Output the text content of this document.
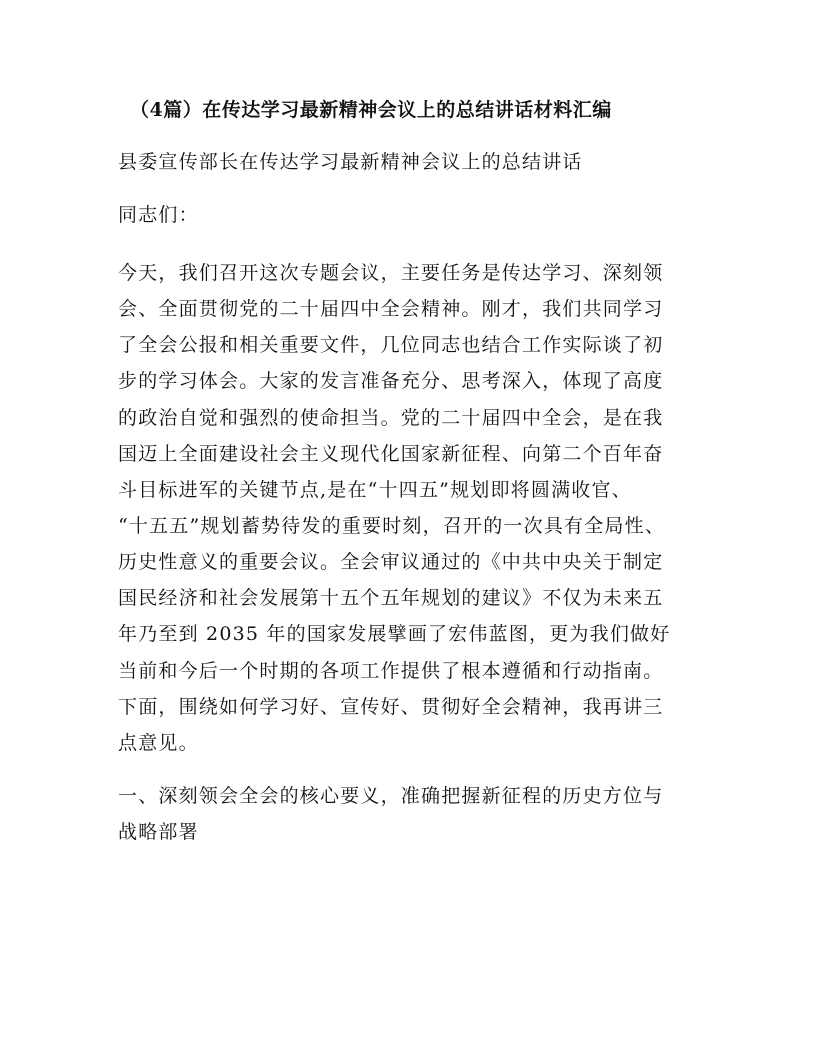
（4篇）在传达学习最新精神会议上的总结讲话材料汇编
县委宣传部长在传达学习最新精神会议上的总结讲话
同志们：
今天，我们召开这次专题会议，主要任务是传达学习、深刻领
会、全面贯彻党的二十届四中全会精神。刚才，我们共同学习
了全会公报和相关重要文件，几位同志也结合工作实际谈了初
步的学习体会。大家的发言准备充分、思考深入，体现了高度
的政治自觉和强烈的使命担当。党的二十届四中全会，是在我
国迈上全面建设社会主义现代化国家新征程、向第二个百年奋
斗目标进军的关键节点,是在“十四五”规划即将圆满收官、
“十五五”规划蓄势待发的重要时刻，召开的一次具有全局性、
历史性意义的重要会议。全会审议通过的《中共中央关于制定
国民经济和社会发展第十五个五年规划的建议》不仅为未来五
年乃至到 2035 年的国家发展擘画了宏伟蓝图，更为我们做好
当前和今后一个时期的各项工作提供了根本遵循和行动指南。
下面，围绕如何学习好、宣传好、贯彻好全会精神，我再讲三
点意见。
一、深刻领会全会的核心要义，准确把握新征程的历史方位与
战略部署
